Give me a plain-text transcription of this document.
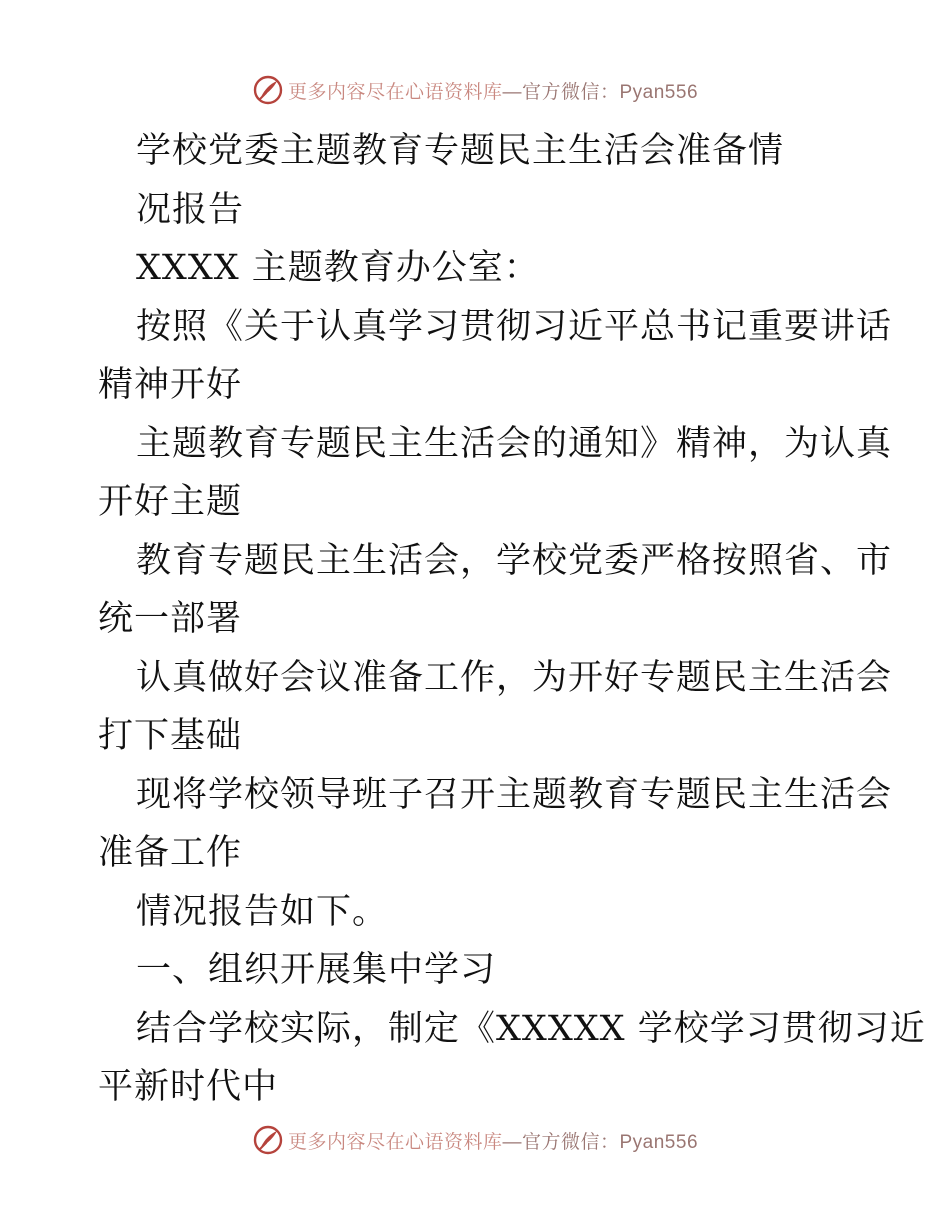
更多内容尽在心语资料库—官方微信：Pyan556
学校党委主题教育专题民主生活会准备情
况报告
XXXX 主题教育办公室：
按照《关于认真学习贯彻习近平总书记重要讲话
精神开好
主题教育专题民主生活会的通知》精神，为认真
开好主题
教育专题民主生活会，学校党委严格按照省、市
统一部署
认真做好会议准备工作，为开好专题民主生活会
打下基础
现将学校领导班子召开主题教育专题民主生活会
准备工作
情况报告如下。
一、组织开展集中学习
结合学校实际，制定《XXXXX 学校学习贯彻习近
平新时代中
更多内容尽在心语资料库—官方微信：Pyan556
